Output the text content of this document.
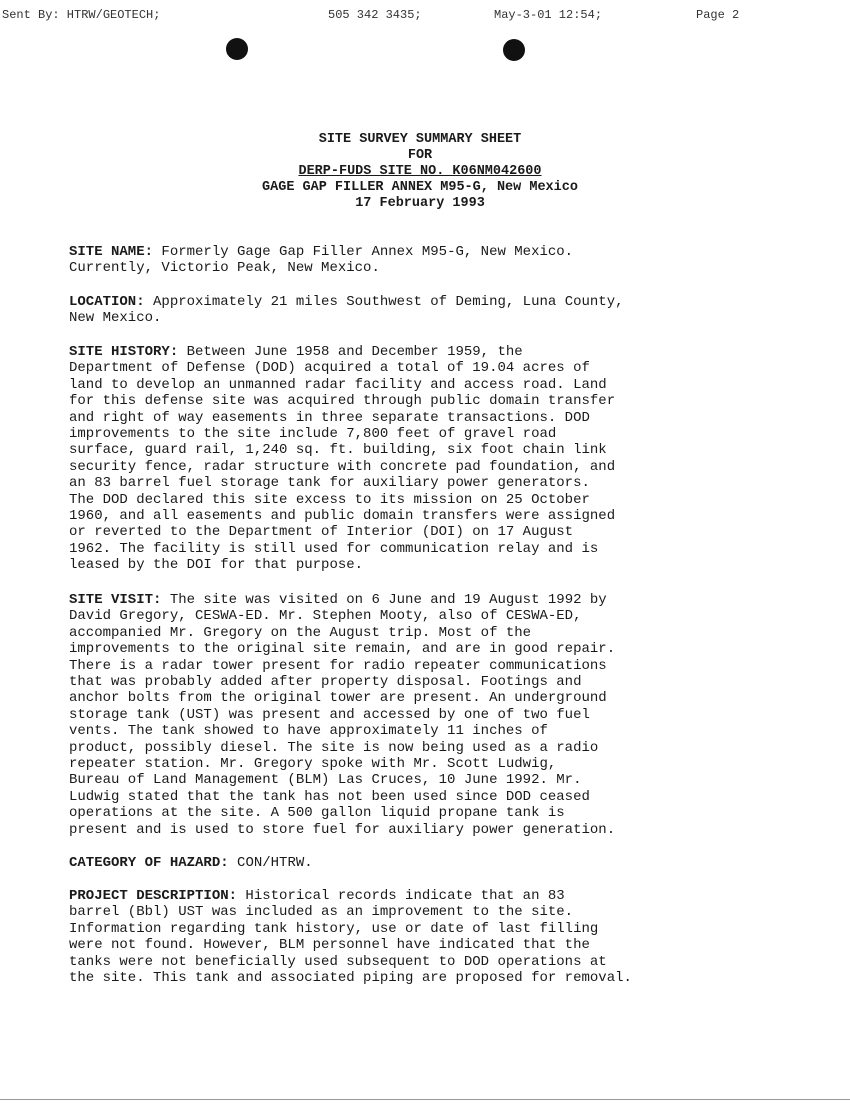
Sent By: HTRW/GEOTECH;	505 342 3435;	May-3-01 12:54;	Page 2
SITE SURVEY SUMMARY SHEET
FOR
DERP-FUDS SITE NO. K06NM042600
GAGE GAP FILLER ANNEX M95-G, New Mexico
17 February 1993
SITE NAME: Formerly Gage Gap Filler Annex M95-G, New Mexico.
Currently, Victorio Peak, New Mexico.
LOCATION: Approximately 21 miles Southwest of Deming, Luna County,
New Mexico.
SITE HISTORY: Between June 1958 and December 1959, the
Department of Defense (DOD) acquired a total of 19.04 acres of
land to develop an unmanned radar facility and access road. Land
for this defense site was acquired through public domain transfer
and right of way easements in three separate transactions. DOD
improvements to the site include 7,800 feet of gravel road
surface, guard rail, 1,240 sq. ft. building, six foot chain link
security fence, radar structure with concrete pad foundation, and
an 83 barrel fuel storage tank for auxiliary power generators.
The DOD declared this site excess to its mission on 25 October
1960, and all easements and public domain transfers were assigned
or reverted to the Department of Interior (DOI) on 17 August
1962. The facility is still used for communication relay and is
leased by the DOI for that purpose.
SITE VISIT: The site was visited on 6 June and 19 August 1992 by
David Gregory, CESWA-ED. Mr. Stephen Mooty, also of CESWA-ED,
accompanied Mr. Gregory on the August trip. Most of the
improvements to the original site remain, and are in good repair.
There is a radar tower present for radio repeater communications
that was probably added after property disposal. Footings and
anchor bolts from the original tower are present. An underground
storage tank (UST) was present and accessed by one of two fuel
vents. The tank showed to have approximately 11 inches of
product, possibly diesel. The site is now being used as a radio
repeater station. Mr. Gregory spoke with Mr. Scott Ludwig,
Bureau of Land Management (BLM) Las Cruces, 10 June 1992. Mr.
Ludwig stated that the tank has not been used since DOD ceased
operations at the site. A 500 gallon liquid propane tank is
present and is used to store fuel for auxiliary power generation.
CATEGORY OF HAZARD: CON/HTRW.
PROJECT DESCRIPTION: Historical records indicate that an 83
barrel (Bbl) UST was included as an improvement to the site.
Information regarding tank history, use or date of last filling
were not found. However, BLM personnel have indicated that the
tanks were not beneficially used subsequent to DOD operations at
the site. This tank and associated piping are proposed for removal.
